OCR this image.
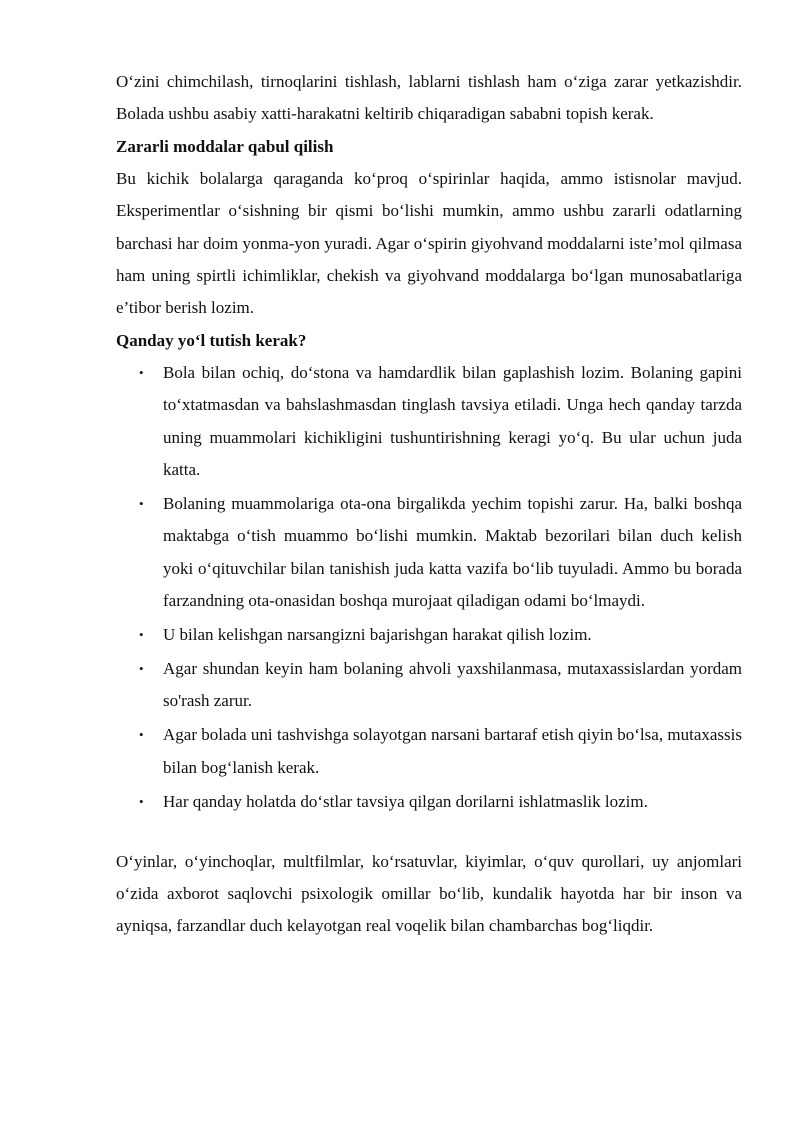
O‘zini chimchilash, tirnoqlarini tishlash, lablarni tishlash ham o‘ziga zarar yetkazishdir. Bolada ushbu asabiy xatti-harakatni keltirib chiqaradigan sababni topish kerak.

Zararli moddalar qabul qilish

Bu kichik bolalarga qaraganda ko‘proq o‘spirinlar haqida, ammo istisnolar mavjud. Eksperimentlar o‘sishning bir qismi bo‘lishi mumkin, ammo ushbu zararli odatlarning barchasi har doim yonma-yon yuradi. Agar o‘spirin giyohvand moddalarni iste’mol qilmasa ham uning spirtli ichimliklar, chekish va giyohvand moddalarga bo‘lgan munosabatlariga e’tibor berish lozim.

Qanday yo‘l tutish kerak?
• Bola bilan ochiq, do‘stona va hamdardlik bilan gaplashish lozim. Bolaning gapini to‘xtatmasdan va bahslashmasdan tinglash tavsiya etiladi. Unga hech qanday tarzda uning muammolari kichikligini tushuntirishning keragi yo‘q. Bu ular uchun juda katta.
• Bolaning muammolariga ota-ona birgalikda yechim topishi zarur. Ha, balki boshqa maktabga o‘tish muammo bo‘lishi mumkin. Maktab bezorilari bilan duch kelish yoki o‘qituvchilar bilan tanishish juda katta vazifa bo‘lib tuyuladi. Ammo bu borada farzandning ota-onasidan boshqa murojaat qiladigan odami bo‘lmaydi.
• U bilan kelishgan narsangizni bajarishgan harakat qilish lozim.
• Agar shundan keyin ham bolaning ahvoli yaxshilanmasa, mutaxassislardan yordam so'rash zarur.
• Agar bolada uni tashvishga solayotgan narsani bartaraf etish qiyin bo‘lsa, mutaxassis bilan bog‘lanish kerak.
• Har qanday holatda do‘stlar tavsiya qilgan dorilarni ishlatmaslik lozim.

O‘yinlar, o‘yinchoqlar, multfilmlar, ko‘rsatuvlar, kiyimlar, o‘quv qurollari, uy anjomlari o‘zida axborot saqlovchi psixologik omillar bo‘lib, kundalik hayotda har bir inson va ayniqsa, farzandlar duch kelayotgan real voqelik bilan chambarchas bog‘liqdir.
